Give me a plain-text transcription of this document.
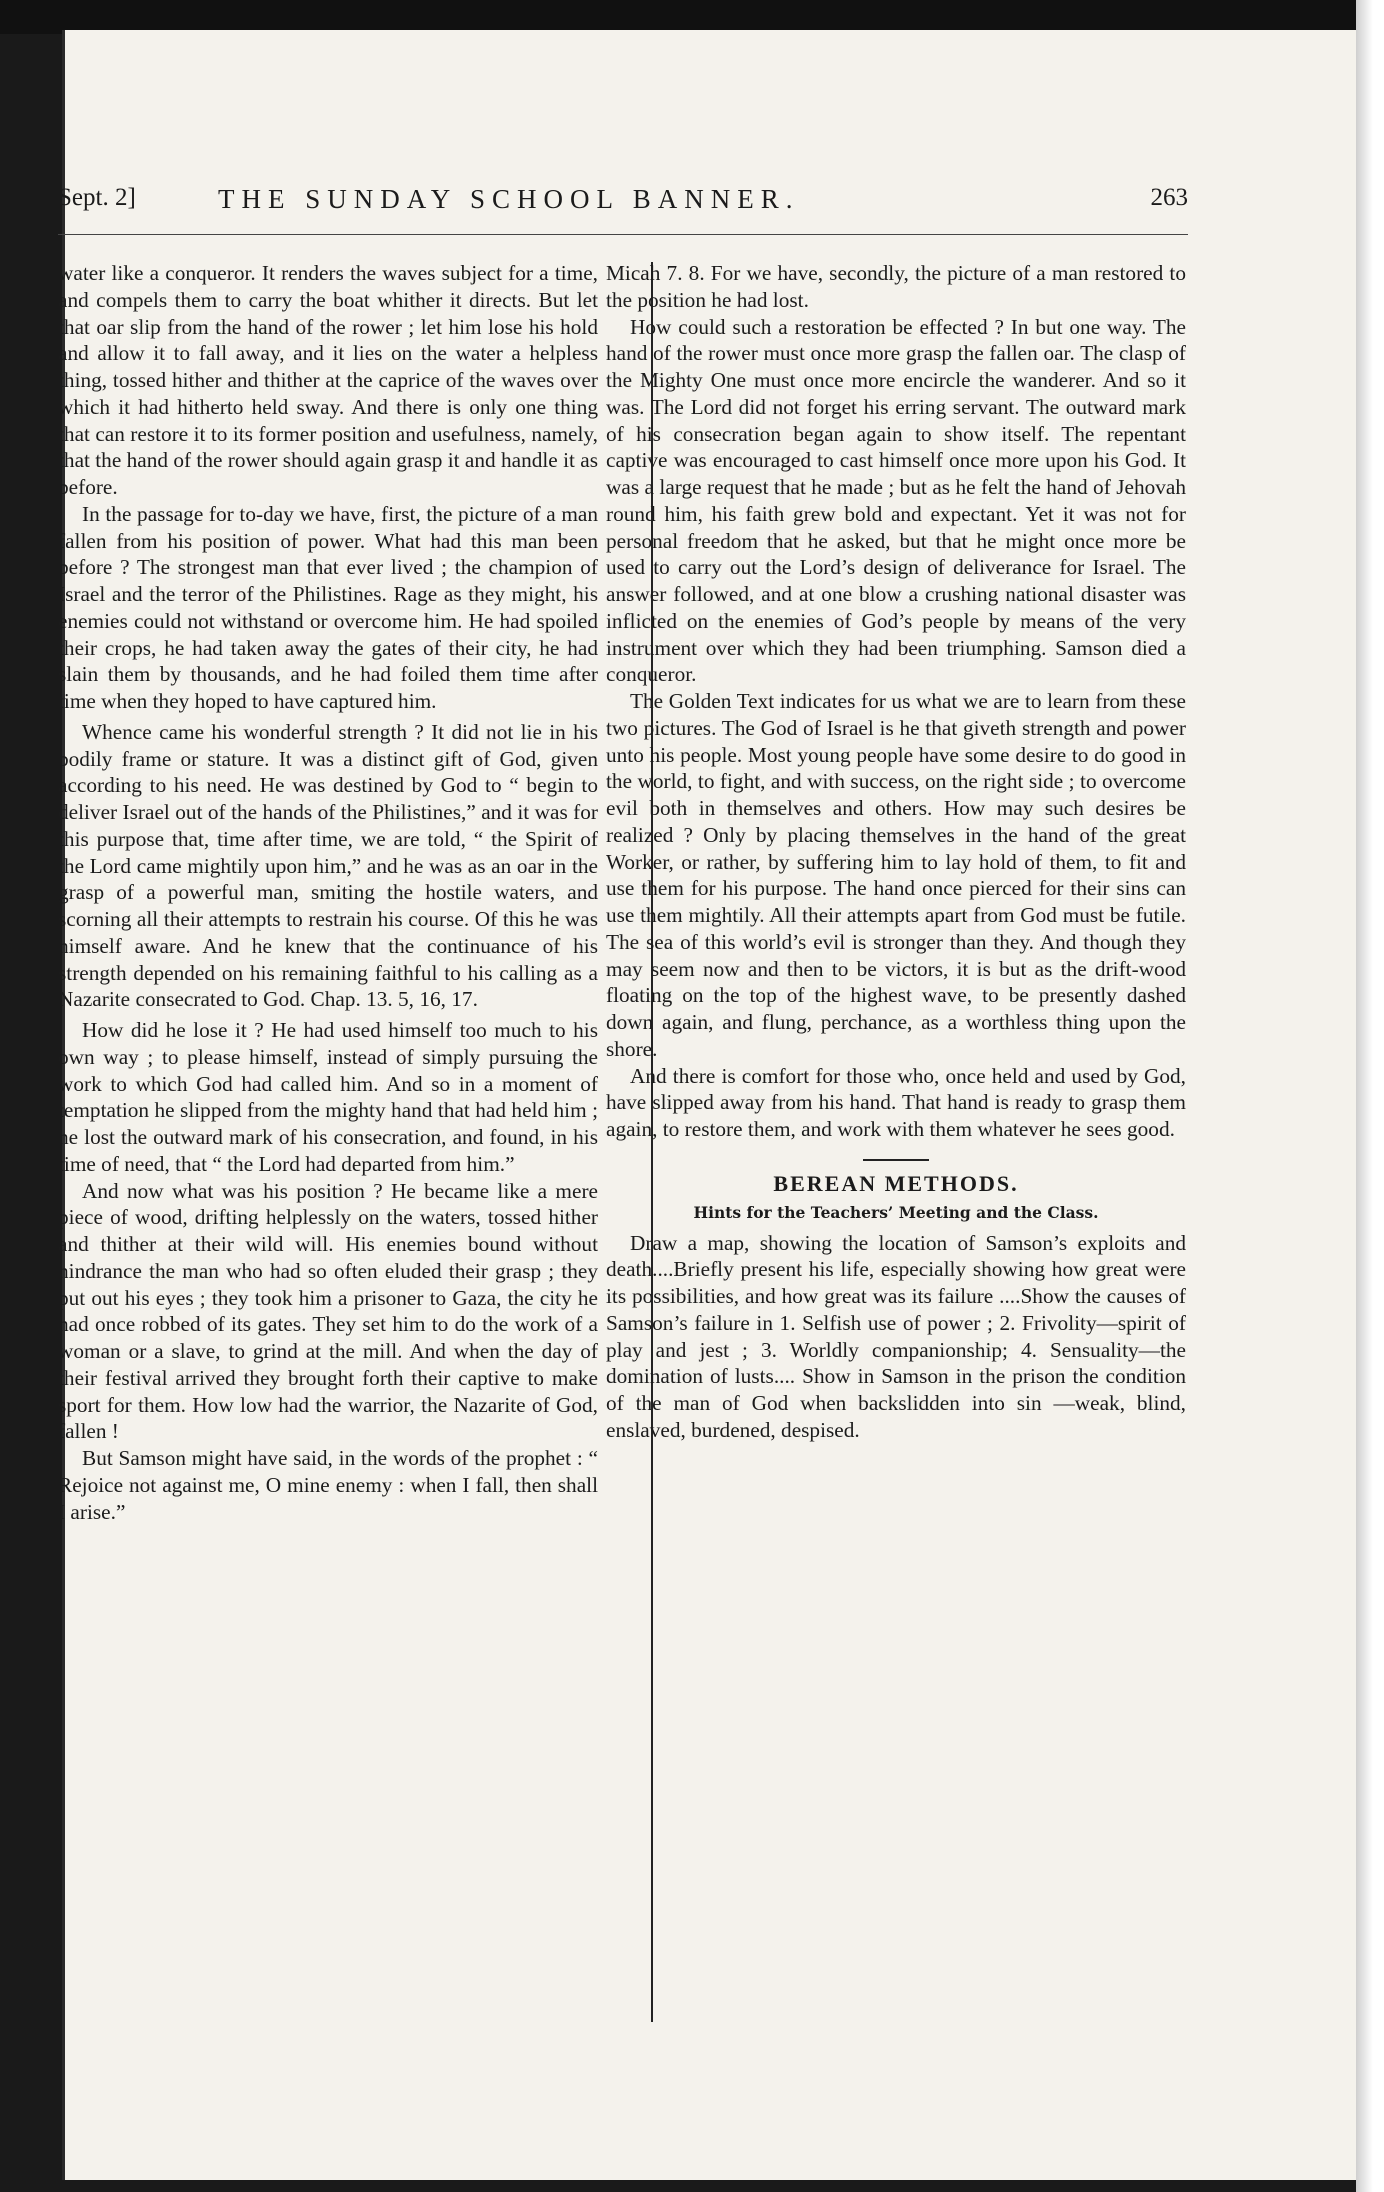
Sept. 2]	THE SUNDAY SCHOOL BANNER.	263

water like a conqueror. It renders the waves subject for a time, and compels them to carry the boat whither it directs. But let that oar slip from the hand of the rower ; let him lose his hold and allow it to fall away, and it lies on the water a helpless thing, tossed hither and thither at the caprice of the waves over which it had hitherto held sway. And there is only one thing that can restore it to its former position and usefulness, namely, that the hand of the rower should again grasp it and handle it as before.

In the passage for to-day we have, first, the picture of a man fallen from his position of power. What had this man been before ? The strongest man that ever lived ; the champion of Israel and the terror of the Philistines. Rage as they might, his enemies could not withstand or overcome him. He had spoiled their crops, he had taken away the gates of their city, he had slain them by thousands, and he had foiled them time after time when they hoped to have captured him.

Whence came his wonderful strength ? It did not lie in his bodily frame or stature. It was a distinct gift of God, given according to his need. He was destined by God to “ begin to deliver Israel out of the hands of the Philistines,” and it was for this purpose that, time after time, we are told, “ the Spirit of the Lord came mightily upon him,” and he was as an oar in the grasp of a powerful man, smiting the hostile waters, and scorning all their attempts to restrain his course. Of this he was himself aware. And he knew that the continuance of his strength depended on his remaining faithful to his calling as a Nazarite consecrated to God. Chap. 13. 5, 16, 17.

How did he lose it ? He had used himself too much to his own way ; to please himself, instead of simply pursuing the work to which God had called him. And so in a moment of temptation he slipped from the mighty hand that had held him ; he lost the outward mark of his consecration, and found, in his time of need, that “ the Lord had departed from him.”

And now what was his position ? He became like a mere piece of wood, drifting helplessly on the waters, tossed hither and thither at their wild will. His enemies bound without hindrance the man who had so often eluded their grasp ; they put out his eyes ; they took him a prisoner to Gaza, the city he had once robbed of its gates. They set him to do the work of a woman or a slave, to grind at the mill. And when the day of their festival arrived they brought forth their captive to make sport for them. How low had the warrior, the Nazarite of God, fallen !

But Samson might have said, in the words of the prophet : “ Rejoice not against me, O mine enemy : when I fall, then shall I arise.”

Micah 7. 8. For we have, secondly, the picture of a man restored to the position he had lost.

How could such a restoration be effected ? In but one way. The hand of the rower must once more grasp the fallen oar. The clasp of the Mighty One must once more encircle the wanderer. And so it was. The Lord did not forget his erring servant. The outward mark of his consecration began again to show itself. The repentant captive was encouraged to cast himself once more upon his God. It was a large request that he made ; but as he felt the hand of Jehovah round him, his faith grew bold and expectant. Yet it was not for personal freedom that he asked, but that he might once more be used to carry out the Lord’s design of deliverance for Israel. The answer followed, and at one blow a crushing national disaster was inflicted on the enemies of God’s people by means of the very instrument over which they had been triumphing. Samson died a conqueror.

The Golden Text indicates for us what we are to learn from these two pictures. The God of Israel is he that giveth strength and power unto his people. Most young people have some desire to do good in the world, to fight, and with success, on the right side ; to overcome evil both in themselves and others. How may such desires be realized ? Only by placing themselves in the hand of the great Worker, or rather, by suffering him to lay hold of them, to fit and use them for his purpose. The hand once pierced for their sins can use them mightily. All their attempts apart from God must be futile. The sea of this world’s evil is stronger than they. And though they may seem now and then to be victors, it is but as the drift-wood floating on the top of the highest wave, to be presently dashed down again, and flung, perchance, as a worthless thing upon the shore.

And there is comfort for those who, once held and used by God, have slipped away from his hand. That hand is ready to grasp them again, to restore them, and work with them whatever he sees good.

BEREAN METHODS.
Hints for the Teachers’ Meeting and the Class.

Draw a map, showing the location of Samson’s exploits and death....Briefly present his life, especially showing how great were its possibilities, and how great was its failure ....Show the causes of Samson’s failure in 1. Selfish use of power ; 2. Frivolity—spirit of play and jest ; 3. Worldly companionship; 4. Sensuality—the domination of lusts.... Show in Samson in the prison the condition of the man of God when backslidden into sin —weak, blind, enslaved, burdened, despised.
